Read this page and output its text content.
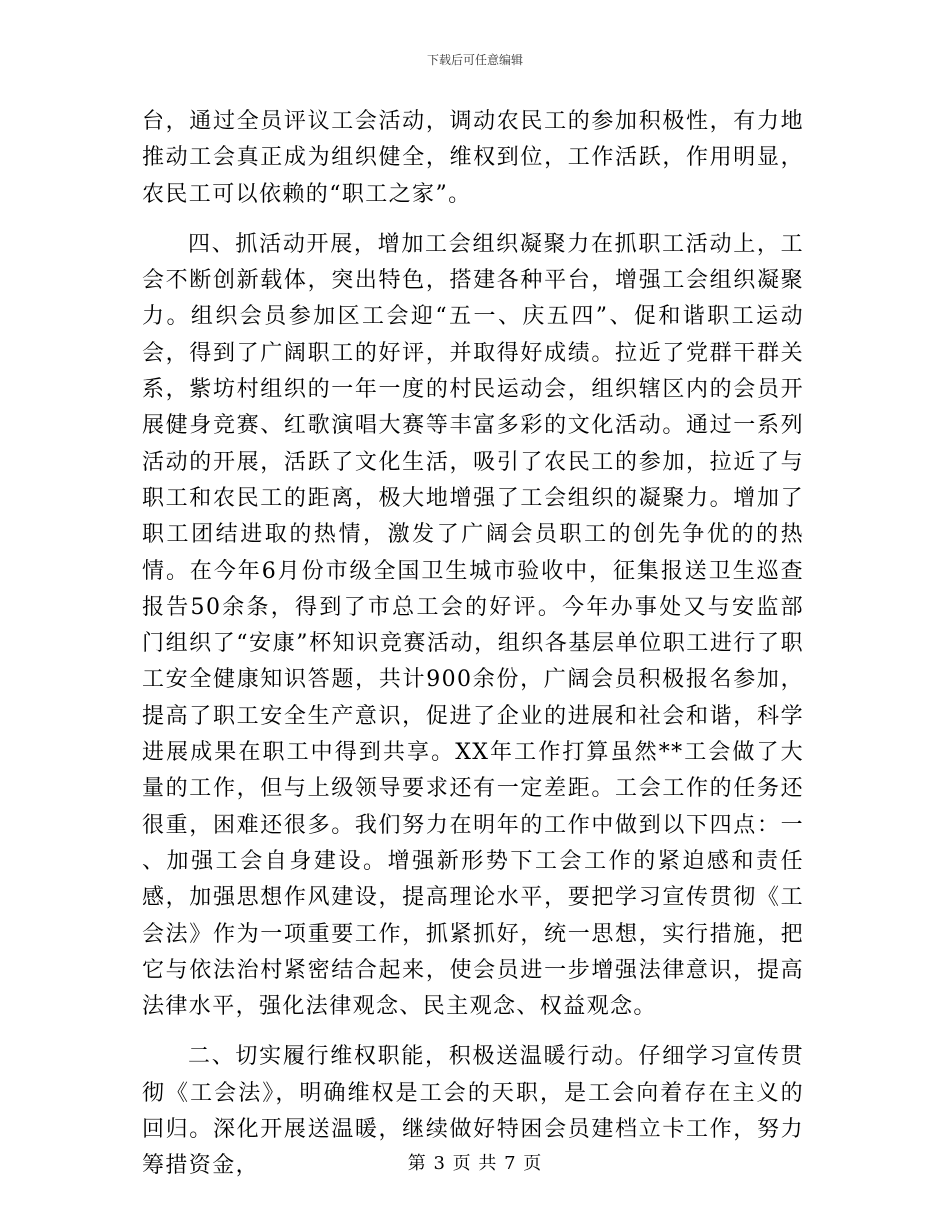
下载后可任意编辑

台，通过全员评议工会活动，调动农民工的参加积极性，有力地推动工会真正成为组织健全，维权到位，工作活跃，作用明显，农民工可以依赖的“职工之家”。

四、抓活动开展，增加工会组织凝聚力在抓职工活动上，工会不断创新载体，突出特色，搭建各种平台，增强工会组织凝聚力。组织会员参加区工会迎“五一、庆五四”、促和谐职工运动会，得到了广阔职工的好评，并取得好成绩。拉近了党群干群关系，紫坊村组织的一年一度的村民运动会，组织辖区内的会员开展健身竞赛、红歌演唱大赛等丰富多彩的文化活动。通过一系列活动的开展，活跃了文化生活，吸引了农民工的参加，拉近了与职工和农民工的距离，极大地增强了工会组织的凝聚力。增加了职工团结进取的热情，激发了广阔会员职工的创先争优的的热情。在今年6月份市级全国卫生城市验收中，征集报送卫生巡查报告50余条，得到了市总工会的好评。今年办事处又与安监部门组织了“安康”杯知识竞赛活动，组织各基层单位职工进行了职工安全健康知识答题，共计900余份，广阔会员积极报名参加，提高了职工安全生产意识，促进了企业的进展和社会和谐，科学进展成果在职工中得到共享。XX年工作打算虽然**工会做了大量的工作，但与上级领导要求还有一定差距。工会工作的任务还很重，困难还很多。我们努力在明年的工作中做到以下四点：一 、加强工会自身建设。增强新形势下工会工作的紧迫感和责任感，加强思想作风建设，提高理论水平，要把学习宣传贯彻《工会法》作为一项重要工作，抓紧抓好，统一思想，实行措施，把它与依法治村紧密结合起来，使会员进一步增强法律意识，提高法律水平，强化法律观念、民主观念、权益观念。

二、切实履行维权职能，积极送温暖行动。仔细学习宣传贯彻《工会法》，明确维权是工会的天职，是工会向着存在主义的回归。深化开展送温暖，继续做好特困会员建档立卡工作，努力筹措资金，	第 3 页 共 7 页
